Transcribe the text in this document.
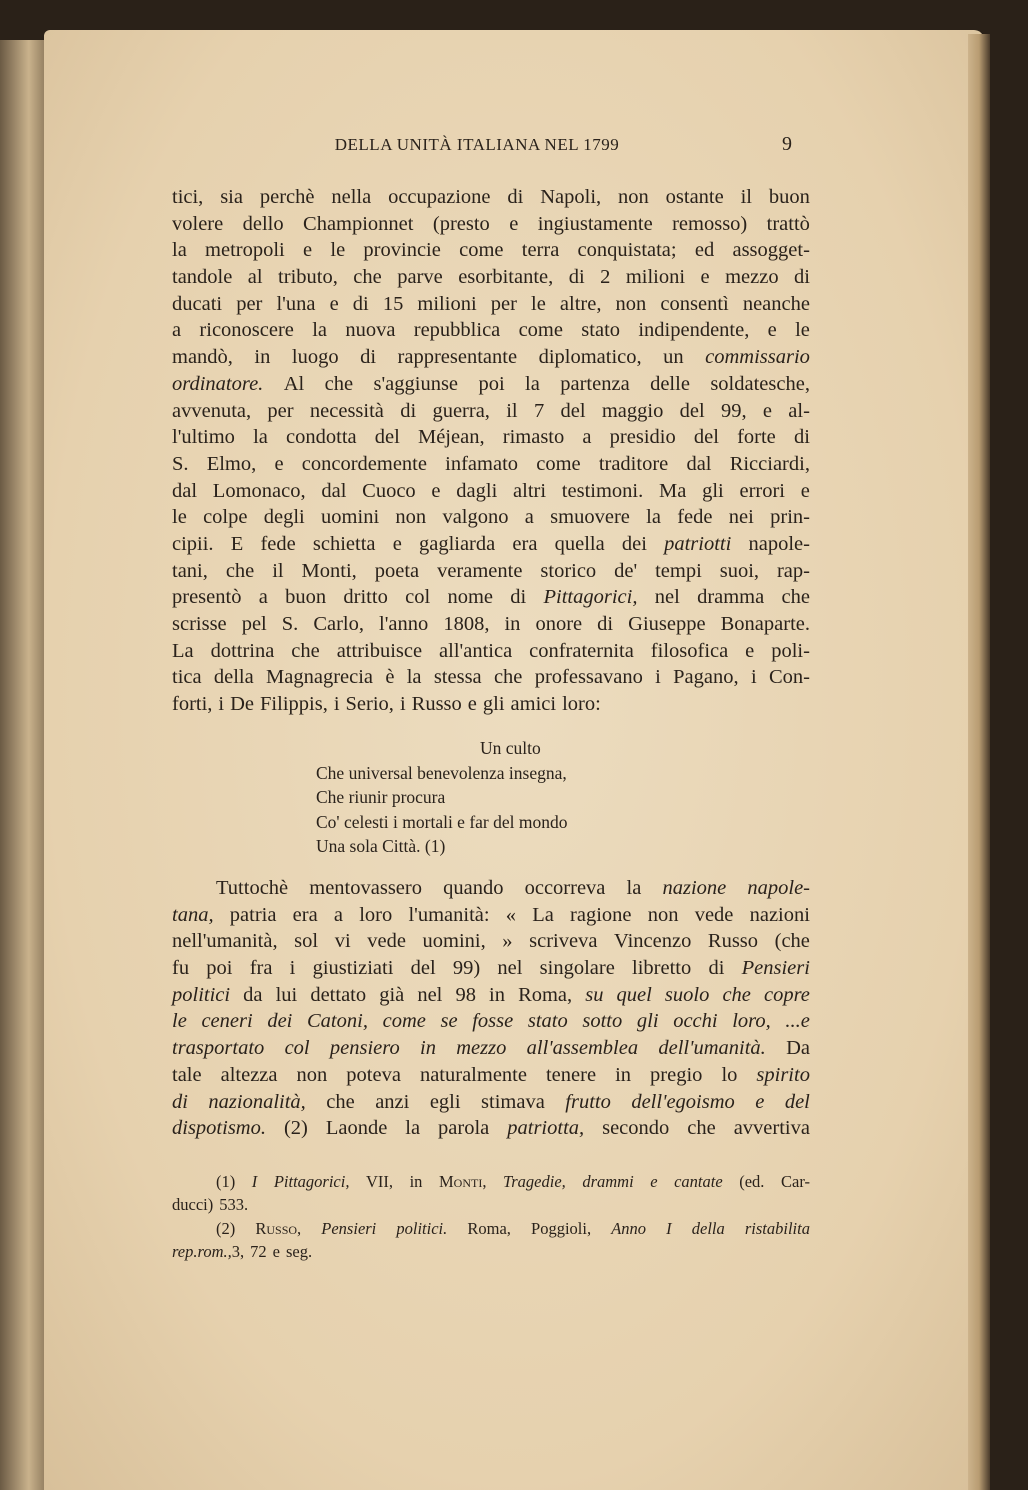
DELLA UNITÀ ITALIANA NEL 1799	9
tici, sia perchè nella occupazione di Napoli, non ostante il buon
volere dello Championnet (presto e ingiustamente remosso) trattò
la metropoli e le provincie come terra conquistata; ed assogget-
tandole al tributo, che parve esorbitante, di 2 milioni e mezzo di
ducati per l'una e di 15 milioni per le altre, non consentì neanche
a riconoscere la nuova repubblica come stato indipendente, e le
mandò, in luogo di rappresentante diplomatico, un commissario
ordinatore. Al che s'aggiunse poi la partenza delle soldatesche,
avvenuta, per necessità di guerra, il 7 del maggio del 99, e al-
l'ultimo la condotta del Méjean, rimasto a presidio del forte di
S. Elmo, e concordemente infamato come traditore dal Ricciardi,
dal Lomonaco, dal Cuoco e dagli altri testimoni. Ma gli errori e
le colpe degli uomini non valgono a smuovere la fede nei prin-
cipii. E fede schietta e gagliarda era quella dei patriotti napole-
tani, che il Monti, poeta veramente storico de' tempi suoi, rap-
presentò a buon dritto col nome di Pittagorici, nel dramma che
scrisse pel S. Carlo, l'anno 1808, in onore di Giuseppe Bonaparte.
La dottrina che attribuisce all'antica confraternita filosofica e poli-
tica della Magnagrecia è la stessa che professavano i Pagano, i Con-
forti, i De Filippis, i Serio, i Russo e gli amici loro:
Un culto
Che universal benevolenza insegna,
Che riunir procura
Co' celesti i mortali e far del mondo
Una sola Città. (1)
Tuttochè mentovassero quando occorreva la nazione napole-
tana, patria era a loro l'umanità: « La ragione non vede nazioni
nell'umanità, sol vi vede uomini, » scriveva Vincenzo Russo (che
fu poi fra i giustiziati del 99) nel singolare libretto di Pensieri
politici da lui dettato già nel 98 in Roma, su quel suolo che copre
le ceneri dei Catoni, come se fosse stato sotto gli occhi loro, ...e
trasportato col pensiero in mezzo all'assemblea dell'umanità. Da
tale altezza non poteva naturalmente tenere in pregio lo spirito
di nazionalità, che anzi egli stimava frutto dell'egoismo e del
dispotismo. (2) Laonde la parola patriotta, secondo che avvertiva
(1) I Pittagorici, VII, in Monti, Tragedie, drammi e cantate (ed. Car-
ducci) 533.
(2) Russo, Pensieri politici. Roma, Poggioli, Anno I della ristabilita
rep. rom., 3, 72 e seg.
